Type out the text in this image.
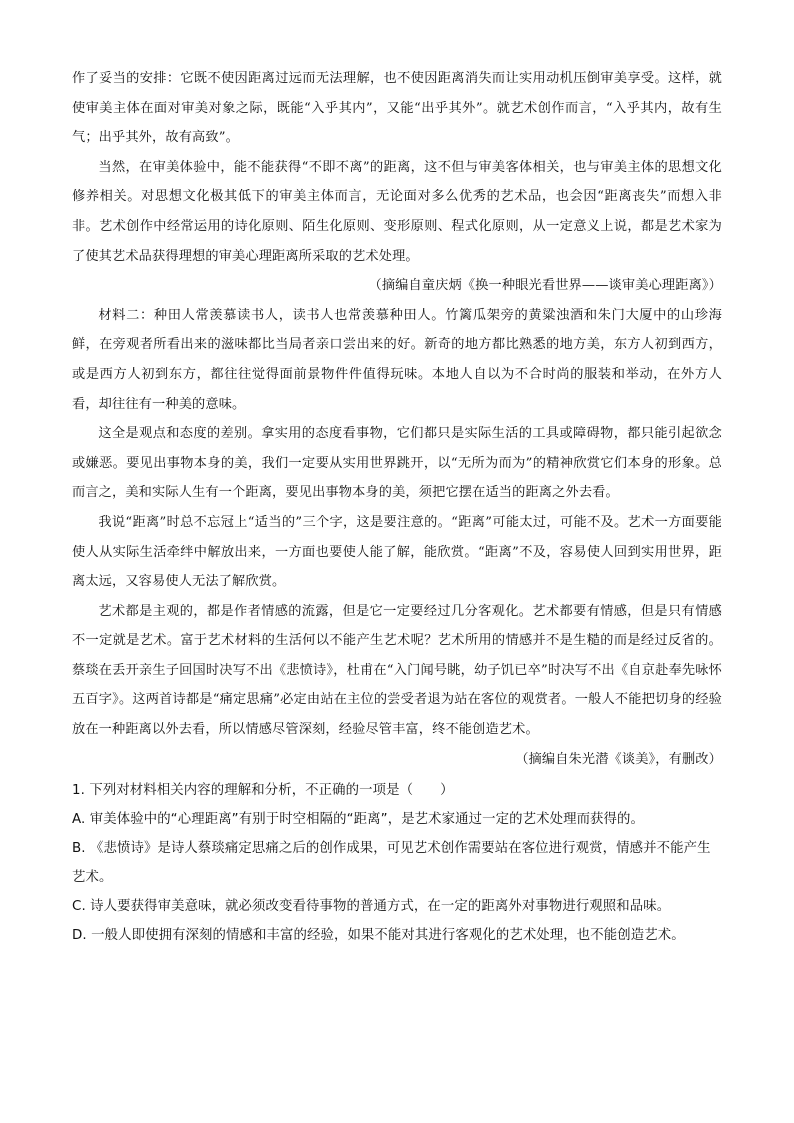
作了妥当的安排：它既不使因距离过远而无法理解，也不使因距离消失而让实用动机压倒审美享受。这样，就使审美主体在面对审美对象之际，既能“入乎其内”，又能“出乎其外”。就艺术创作而言，“入乎其内，故有生气；出乎其外，故有高致”。

当然，在审美体验中，能不能获得“不即不离”的距离，这不但与审美客体相关，也与审美主体的思想文化修养相关。对思想文化极其低下的审美主体而言，无论面对多么优秀的艺术品，也会因“距离丧失”而想入非非。艺术创作中经常运用的诗化原则、陌生化原则、变形原则、程式化原则，从一定意义上说，都是艺术家为了使其艺术品获得理想的审美心理距离所采取的艺术处理。

（摘编自童庆炳《换一种眼光看世界——谈审美心理距离》）

材料二：种田人常羡慕读书人，读书人也常羡慕种田人。竹篱瓜架旁的黄粱浊酒和朱门大厦中的山珍海鲜，在旁观者所看出来的滋味都比当局者亲口尝出来的好。新奇的地方都比熟悉的地方美，东方人初到西方，或是西方人初到东方，都往往觉得面前景物件件值得玩味。本地人自以为不合时尚的服装和举动，在外方人看，却往往有一种美的意味。

这全是观点和态度的差别。拿实用的态度看事物，它们都只是实际生活的工具或障碍物，都只能引起欲念或嫌恶。要见出事物本身的美，我们一定要从实用世界跳开，以“无所为而为”的精神欣赏它们本身的形象。总而言之，美和实际人生有一个距离，要见出事物本身的美，须把它摆在适当的距离之外去看。

我说“距离”时总不忘冠上“适当的”三个字，这是要注意的。“距离”可能太过，可能不及。艺术一方面要能使人从实际生活牵绊中解放出来，一方面也要使人能了解，能欣赏。“距离”不及，容易使人回到实用世界，距离太远，又容易使人无法了解欣赏。

艺术都是主观的，都是作者情感的流露，但是它一定要经过几分客观化。艺术都要有情感，但是只有情感不一定就是艺术。富于艺术材料的生活何以不能产生艺术呢？艺术所用的情感并不是生糙的而是经过反省的。蔡琰在丢开亲生子回国时决写不出《悲愤诗》，杜甫在“入门闻号眺，幼子饥已卒”时决写不出《自京赴奉先咏怀五百字》。这两首诗都是“痛定思痛”必定由站在主位的尝受者退为站在客位的观赏者。一般人不能把切身的经验放在一种距离以外去看，所以情感尽管深刻，经验尽管丰富，终不能创造艺术。

（摘编自朱光潜《谈美》，有删改）

1. 下列对材料相关内容的理解和分析，不正确的一项是（　　）

A. 审美体验中的“心理距离”有别于时空相隔的“距离”，是艺术家通过一定的艺术处理而获得的。

B. 《悲愤诗》是诗人蔡琰痛定思痛之后的创作成果，可见艺术创作需要站在客位进行观赏，情感并不能产生艺术。

C. 诗人要获得审美意味，就必须改变看待事物的普通方式，在一定的距离外对事物进行观照和品味。

D. 一般人即使拥有深刻的情感和丰富的经验，如果不能对其进行客观化的艺术处理，也不能创造艺术。
